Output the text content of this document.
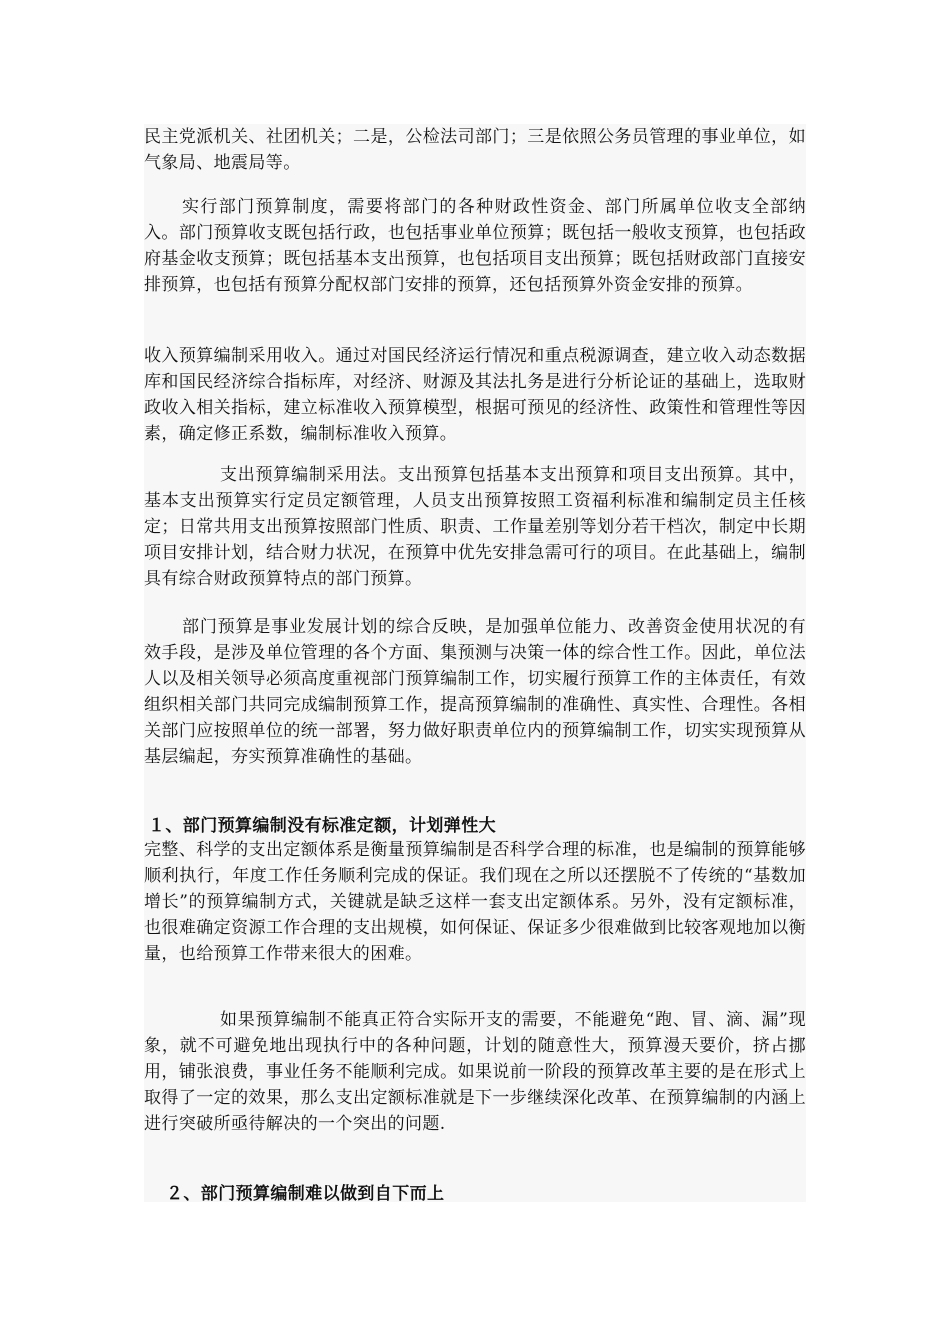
民主党派机关、社团机关；二是，公检法司部门；三是依照公务员管理的事业单位，如气象局、地震局等。

实行部门预算制度，需要将部门的各种财政性资金、部门所属单位收支全部纳入。部门预算收支既包括行政，也包括事业单位预算；既包括一般收支预算，也包括政府基金收支预算；既包括基本支出预算，也包括项目支出预算；既包括财政部门直接安排预算，也包括有预算分配权部门安排的预算，还包括预算外资金安排的预算。

收入预算编制采用收入。通过对国民经济运行情况和重点税源调查，建立收入动态数据库和国民经济综合指标库，对经济、财源及其法扎务是进行分析论证的基础上，选取财政收入相关指标，建立标准收入预算模型，根据可预见的经济性、政策性和管理性等因素，确定修正系数，编制标准收入预算。

支出预算编制采用法。支出预算包括基本支出预算和项目支出预算。其中，基本支出预算实行定员定额管理，人员支出预算按照工资福利标准和编制定员主任核定；日常共用支出预算按照部门性质、职责、工作量差别等划分若干档次，制定中长期项目安排计划，结合财力状况，在预算中优先安排急需可行的项目。在此基础上，编制具有综合财政预算特点的部门预算。

部门预算是事业发展计划的综合反映，是加强单位能力、改善资金使用状况的有效手段，是涉及单位管理的各个方面、集预测与决策一体的综合性工作。因此，单位法人以及相关领导必须高度重视部门预算编制工作，切实履行预算工作的主体责任，有效组织相关部门共同完成编制预算工作，提高预算编制的准确性、真实性、合理性。各相关部门应按照单位的统一部署，努力做好职责单位内的预算编制工作，切实实现预算从基层编起，夯实预算准确性的基础。

１、部门预算编制没有标准定额，计划弹性大

完整、科学的支出定额体系是衡量预算编制是否科学合理的标准，也是编制的预算能够顺利执行，年度工作任务顺利完成的保证。我们现在之所以还摆脱不了传统的“基数加增长”的预算编制方式，关键就是缺乏这样一套支出定额体系。另外，没有定额标准，也很难确定资源工作合理的支出规模，如何保证、保证多少很难做到比较客观地加以衡量，也给预算工作带来很大的困难。

如果预算编制不能真正符合实际开支的需要，不能避免“跑、冒、滴、漏”现象，就不可避免地出现执行中的各种问题，计划的随意性大，预算漫天要价，挤占挪用，铺张浪费，事业任务不能顺利完成。如果说前一阶段的预算改革主要的是在形式上取得了一定的效果，那么支出定额标准就是下一步继续深化改革、在预算编制的内涵上进行突破所亟待解决的一个突出的问题.

２、部门预算编制难以做到自下而上
